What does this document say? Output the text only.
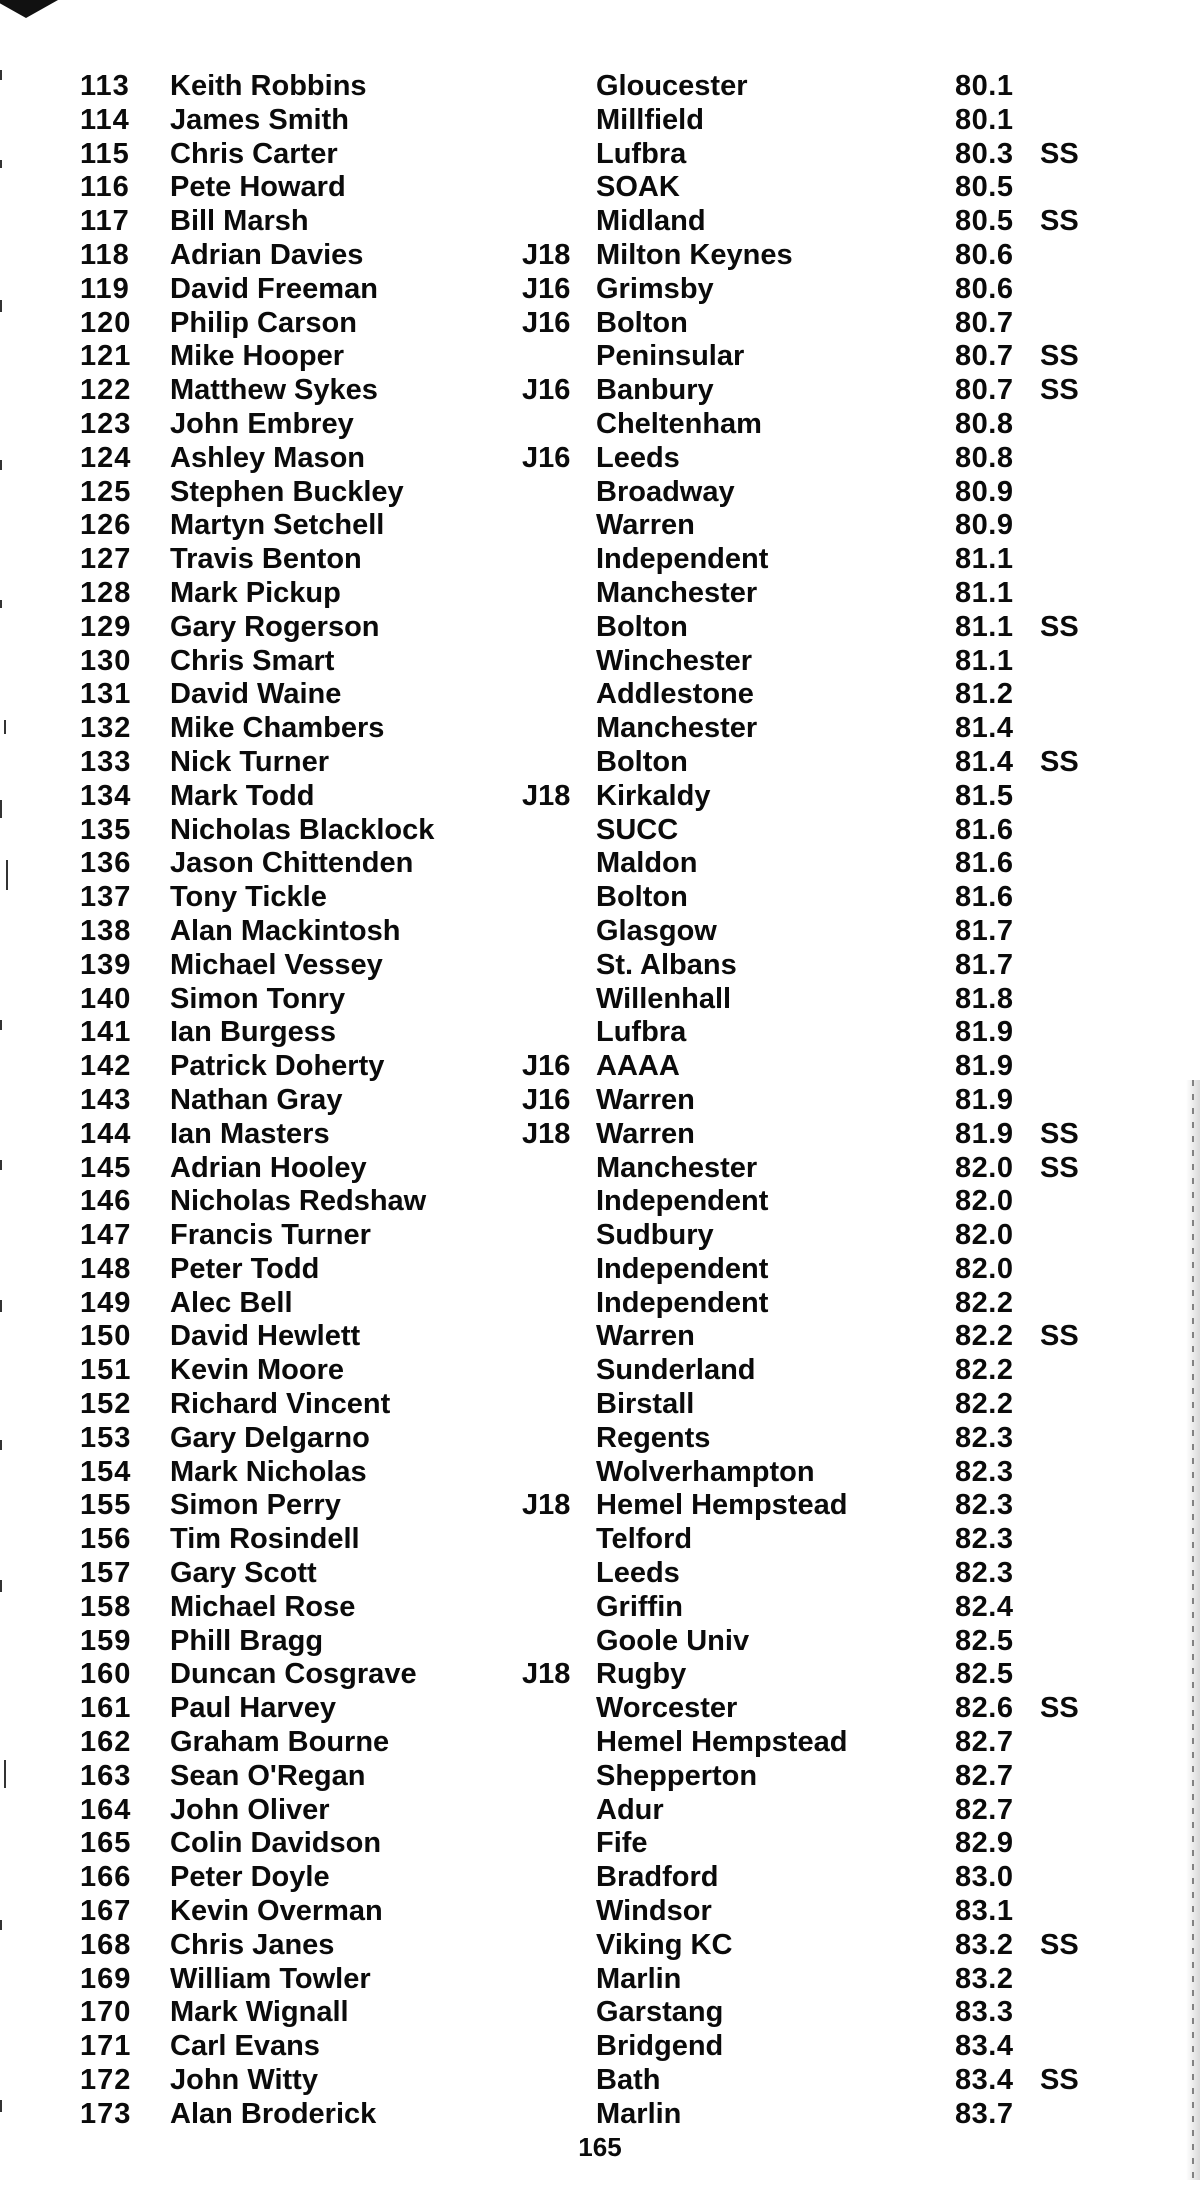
113 Keith Robbins	Gloucester	80.1
114 James Smith	Millfield	80.1
115 Chris Carter	Lufbra	80.3 SS
116 Pete Howard	SOAK	80.5
117 Bill Marsh	Midland	80.5 SS
118 Adrian Davies	J18 Milton Keynes	80.6
119 David Freeman	J16 Grimsby	80.6
120 Philip Carson	J16 Bolton	80.7
121 Mike Hooper	Peninsular	80.7 SS
122 Matthew Sykes	J16 Banbury	80.7 SS
123 John Embrey	Cheltenham	80.8
124 Ashley Mason	J16 Leeds	80.8
125 Stephen Buckley	Broadway	80.9
126 Martyn Setchell	Warren	80.9
127 Travis Benton	Independent	81.1
128 Mark Pickup	Manchester	81.1
129 Gary Rogerson	Bolton	81.1 SS
130 Chris Smart	Winchester	81.1
131 David Waine	Addlestone	81.2
132 Mike Chambers	Manchester	81.4
133 Nick Turner	Bolton	81.4 SS
134 Mark Todd	J18 Kirkaldy	81.5
135 Nicholas Blacklock	SUCC	81.6
136 Jason Chittenden	Maldon	81.6
137 Tony Tickle	Bolton	81.6
138 Alan Mackintosh	Glasgow	81.7
139 Michael Vessey	St. Albans	81.7
140 Simon Tonry	Willenhall	81.8
141 Ian Burgess	Lufbra	81.9
142 Patrick Doherty	J16 AAAA	81.9
143 Nathan Gray	J16 Warren	81.9
144 Ian Masters	J18 Warren	81.9 SS
145 Adrian Hooley	Manchester	82.0 SS
146 Nicholas Redshaw	Independent	82.0
147 Francis Turner	Sudbury	82.0
148 Peter Todd	Independent	82.0
149 Alec Bell	Independent	82.2
150 David Hewlett	Warren	82.2 SS
151 Kevin Moore	Sunderland	82.2
152 Richard Vincent	Birstall	82.2
153 Gary Delgarno	Regents	82.3
154 Mark Nicholas	Wolverhampton	82.3
155 Simon Perry	J18 Hemel Hempstead	82.3
156 Tim Rosindell	Telford	82.3
157 Gary Scott	Leeds	82.3
158 Michael Rose	Griffin	82.4
159 Phill Bragg	Goole Univ	82.5
160 Duncan Cosgrave	J18 Rugby	82.5
161 Paul Harvey	Worcester	82.6 SS
162 Graham Bourne	Hemel Hempstead	82.7
163 Sean O'Regan	Shepperton	82.7
164 John Oliver	Adur	82.7
165 Colin Davidson	Fife	82.9
166 Peter Doyle	Bradford	83.0
167 Kevin Overman	Windsor	83.1
168 Chris Janes	Viking KC	83.2 SS
169 William Towler	Marlin	83.2
170 Mark Wignall	Garstang	83.3
171 Carl Evans	Bridgend	83.4
172 John Witty	Bath	83.4 SS
173 Alan Broderick	Marlin	83.7
165
